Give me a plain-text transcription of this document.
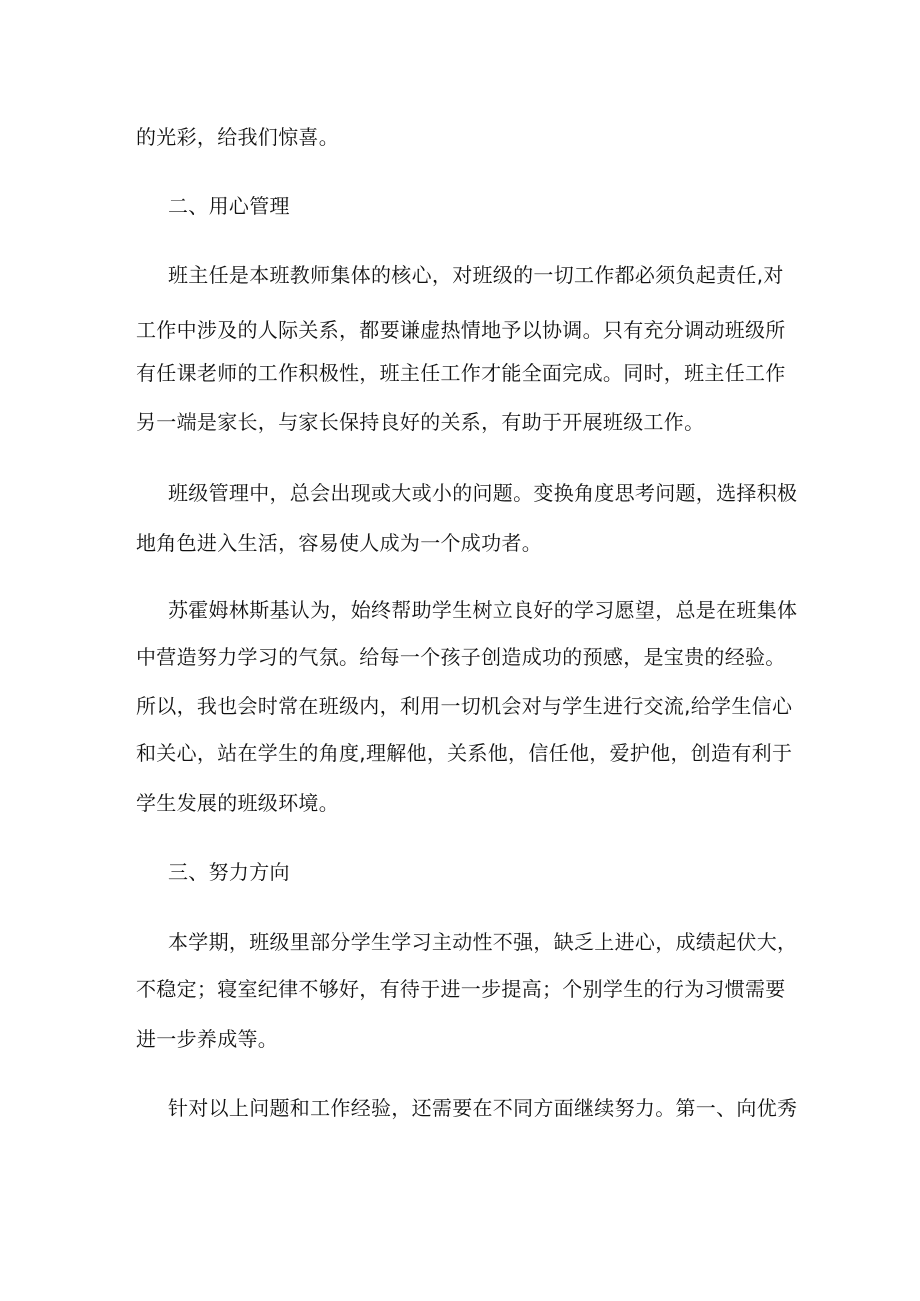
的光彩，给我们惊喜。
二、用心管理
班主任是本班教师集体的核心，对班级的一切工作都必须负起责任,对
工作中涉及的人际关系，都要谦虚热情地予以协调。只有充分调动班级所
有任课老师的工作积极性，班主任工作才能全面完成。同时，班主任工作
另一端是家长，与家长保持良好的关系，有助于开展班级工作。
班级管理中，总会出现或大或小的问题。变换角度思考问题，选择积极
地角色进入生活，容易使人成为一个成功者。
苏霍姆林斯基认为，始终帮助学生树立良好的学习愿望，总是在班集体
中营造努力学习的气氛。给每一个孩子创造成功的预感，是宝贵的经验。
所以，我也会时常在班级内，利用一切机会对与学生进行交流,给学生信心
和关心，站在学生的角度,理解他，关系他，信任他，爱护他，创造有利于
学生发展的班级环境。
三、努力方向
本学期，班级里部分学生学习主动性不强，缺乏上进心，成绩起伏大，
不稳定；寝室纪律不够好，有待于进一步提高；个别学生的行为习惯需要
进一步养成等。
针对以上问题和工作经验，还需要在不同方面继续努力。第一、向优秀
